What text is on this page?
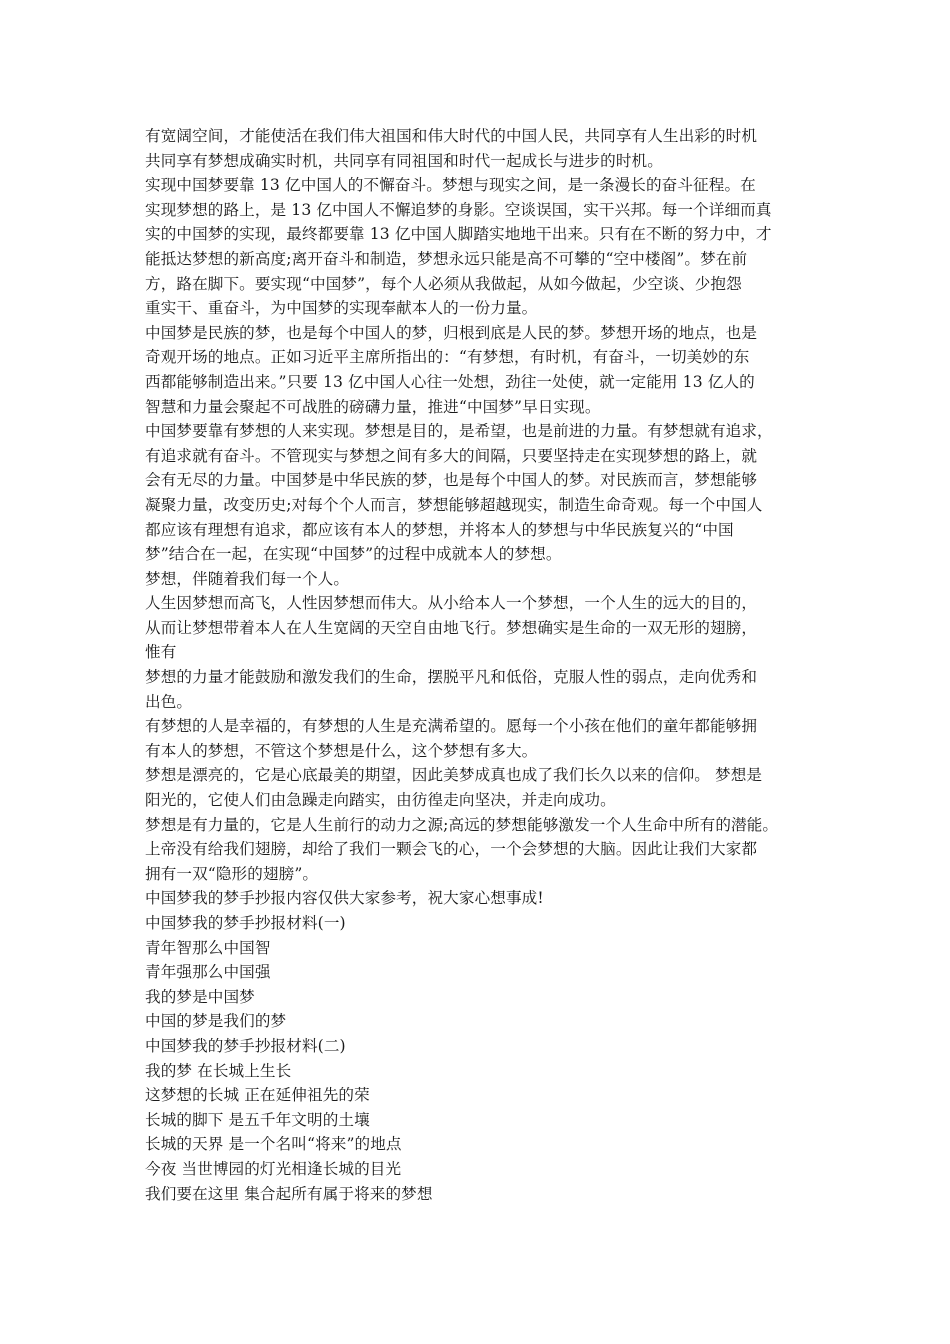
有宽阔空间，才能使活在我们伟大祖国和伟大时代的中国人民，共同享有人生出彩的时机
共同享有梦想成确实时机，共同享有同祖国和时代一起成长与进步的时机。
实现中国梦要靠 13 亿中国人的不懈奋斗。梦想与现实之间，是一条漫长的奋斗征程。在
实现梦想的路上，是 13 亿中国人不懈追梦的身影。空谈误国，实干兴邦。每一个详细而真
实的中国梦的实现，最终都要靠 13 亿中国人脚踏实地地干出来。只有在不断的努力中，才
能抵达梦想的新高度;离开奋斗和制造，梦想永远只能是高不可攀的“空中楼阁”。梦在前
方，路在脚下。要实现“中国梦”，每个人必须从我做起，从如今做起，少空谈、少抱怨
重实干、重奋斗，为中国梦的实现奉献本人的一份力量。
中国梦是民族的梦，也是每个中国人的梦，归根到底是人民的梦。梦想开场的地点，也是
奇观开场的地点。正如习近平主席所指出的：“有梦想，有时机，有奋斗，一切美妙的东
西都能够制造出来。”只要 13 亿中国人心往一处想，劲往一处使，就一定能用 13 亿人的
智慧和力量会聚起不可战胜的磅礴力量，推进“中国梦”早日实现。
中国梦要靠有梦想的人来实现。梦想是目的，是希望，也是前进的力量。有梦想就有追求，
有追求就有奋斗。不管现实与梦想之间有多大的间隔，只要坚持走在实现梦想的路上，就
会有无尽的力量。中国梦是中华民族的梦，也是每个中国人的梦。对民族而言，梦想能够
凝聚力量，改变历史;对每个个人而言，梦想能够超越现实，制造生命奇观。每一个中国人
都应该有理想有追求，都应该有本人的梦想，并将本人的梦想与中华民族复兴的“中国
梦”结合在一起，在实现“中国梦”的过程中成就本人的梦想。
梦想，伴随着我们每一个人。
人生因梦想而高飞，人性因梦想而伟大。从小给本人一个梦想，一个人生的远大的目的，
从而让梦想带着本人在人生宽阔的天空自由地飞行。梦想确实是生命的一双无形的翅膀，
惟有
梦想的力量才能鼓励和激发我们的生命，摆脱平凡和低俗，克服人性的弱点，走向优秀和
出色。
有梦想的人是幸福的，有梦想的人生是充满希望的。愿每一个小孩在他们的童年都能够拥
有本人的梦想，不管这个梦想是什么，这个梦想有多大。
梦想是漂亮的，它是心底最美的期望，因此美梦成真也成了我们长久以来的信仰。 梦想是
阳光的，它使人们由急躁走向踏实，由彷徨走向坚决，并走向成功。
梦想是有力量的，它是人生前行的动力之源;高远的梦想能够激发一个人生命中所有的潜能。
上帝没有给我们翅膀，却给了我们一颗会飞的心，一个会梦想的大脑。因此让我们大家都
拥有一双“隐形的翅膀”。
中国梦我的梦手抄报内容仅供大家参考，祝大家心想事成!
中国梦我的梦手抄报材料(一)
青年智那么中国智
青年强那么中国强
我的梦是中国梦
中国的梦是我们的梦
中国梦我的梦手抄报材料(二)
我的梦 在长城上生长
这梦想的长城 正在延伸祖先的荣
长城的脚下 是五千年文明的土壤
长城的天界 是一个名叫“将来”的地点
今夜 当世博园的灯光相逢长城的目光
我们要在这里 集合起所有属于将来的梦想
